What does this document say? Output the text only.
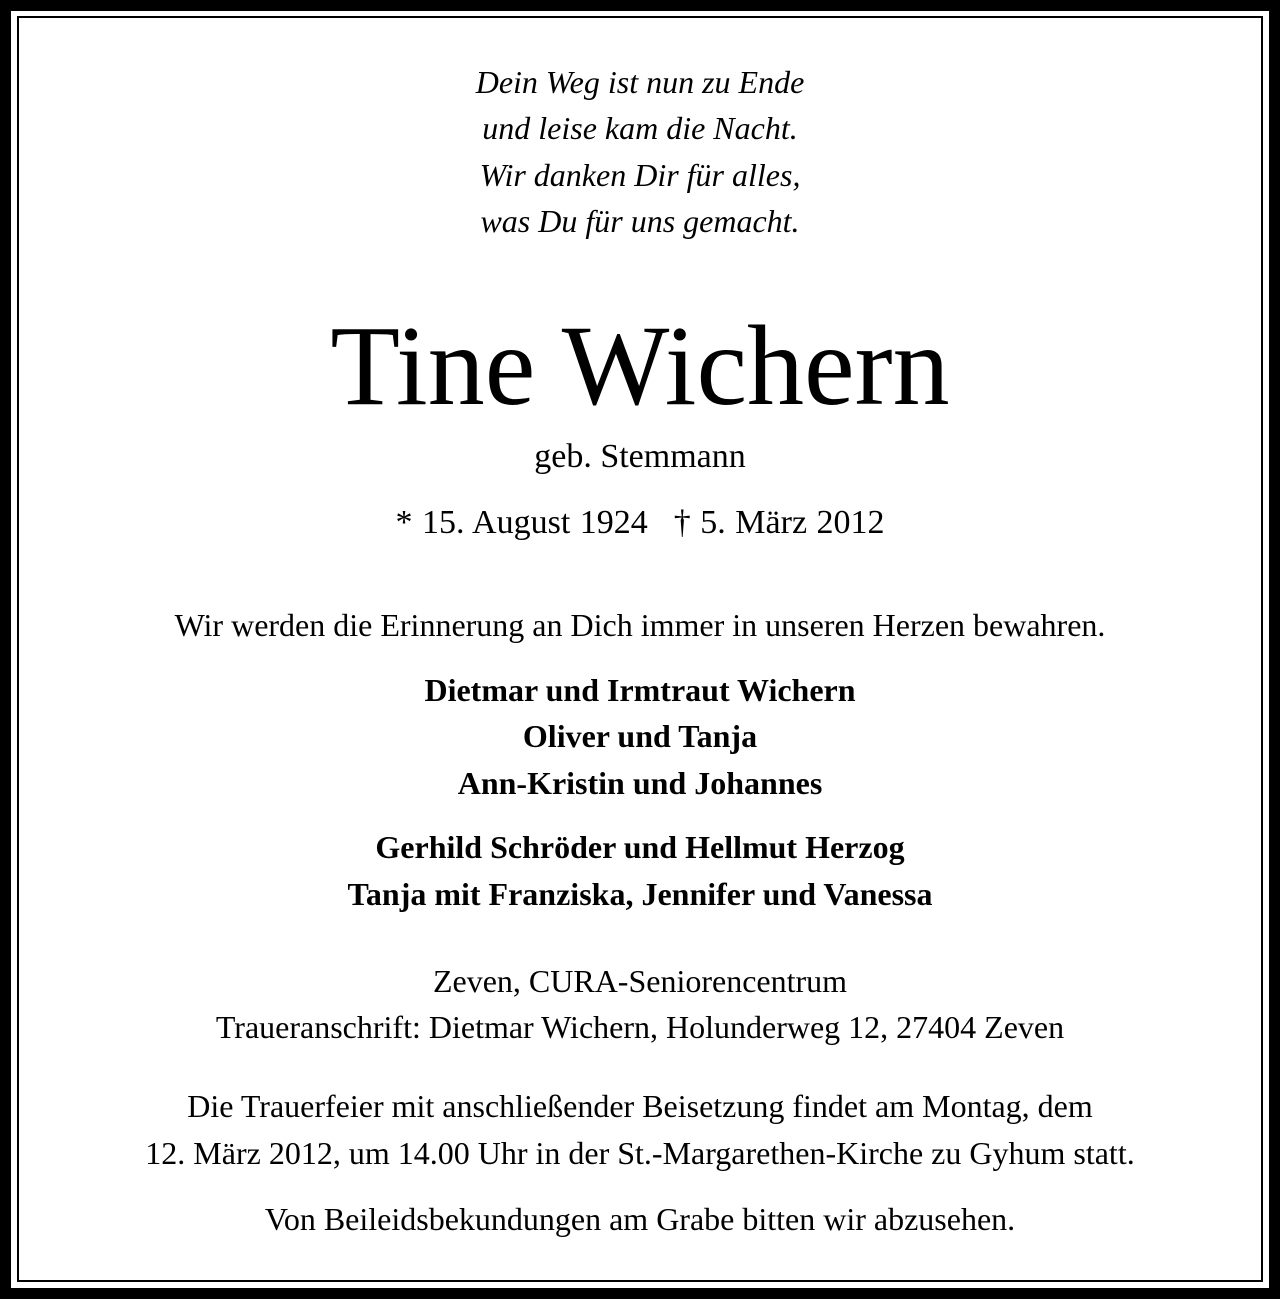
Dein Weg ist nun zu Ende
und leise kam die Nacht.
Wir danken Dir für alles,
was Du für uns gemacht.
Tine Wichern
geb. Stemmann
* 15. August 1924 † 5. März 2012
Wir werden die Erinnerung an Dich immer in unseren Herzen bewahren.
Dietmar und Irmtraut Wichern
Oliver und Tanja
Ann-Kristin und Johannes
Gerhild Schröder und Hellmut Herzog
Tanja mit Franziska, Jennifer und Vanessa
Zeven, CURA-Seniorencentrum
Traueranschrift: Dietmar Wichern, Holunderweg 12, 27404 Zeven
Die Trauerfeier mit anschließender Beisetzung findet am Montag, dem
12. März 2012, um 14.00 Uhr in der St.-Margarethen-Kirche zu Gyhum statt.
Von Beileidsbekundungen am Grabe bitten wir abzusehen.
